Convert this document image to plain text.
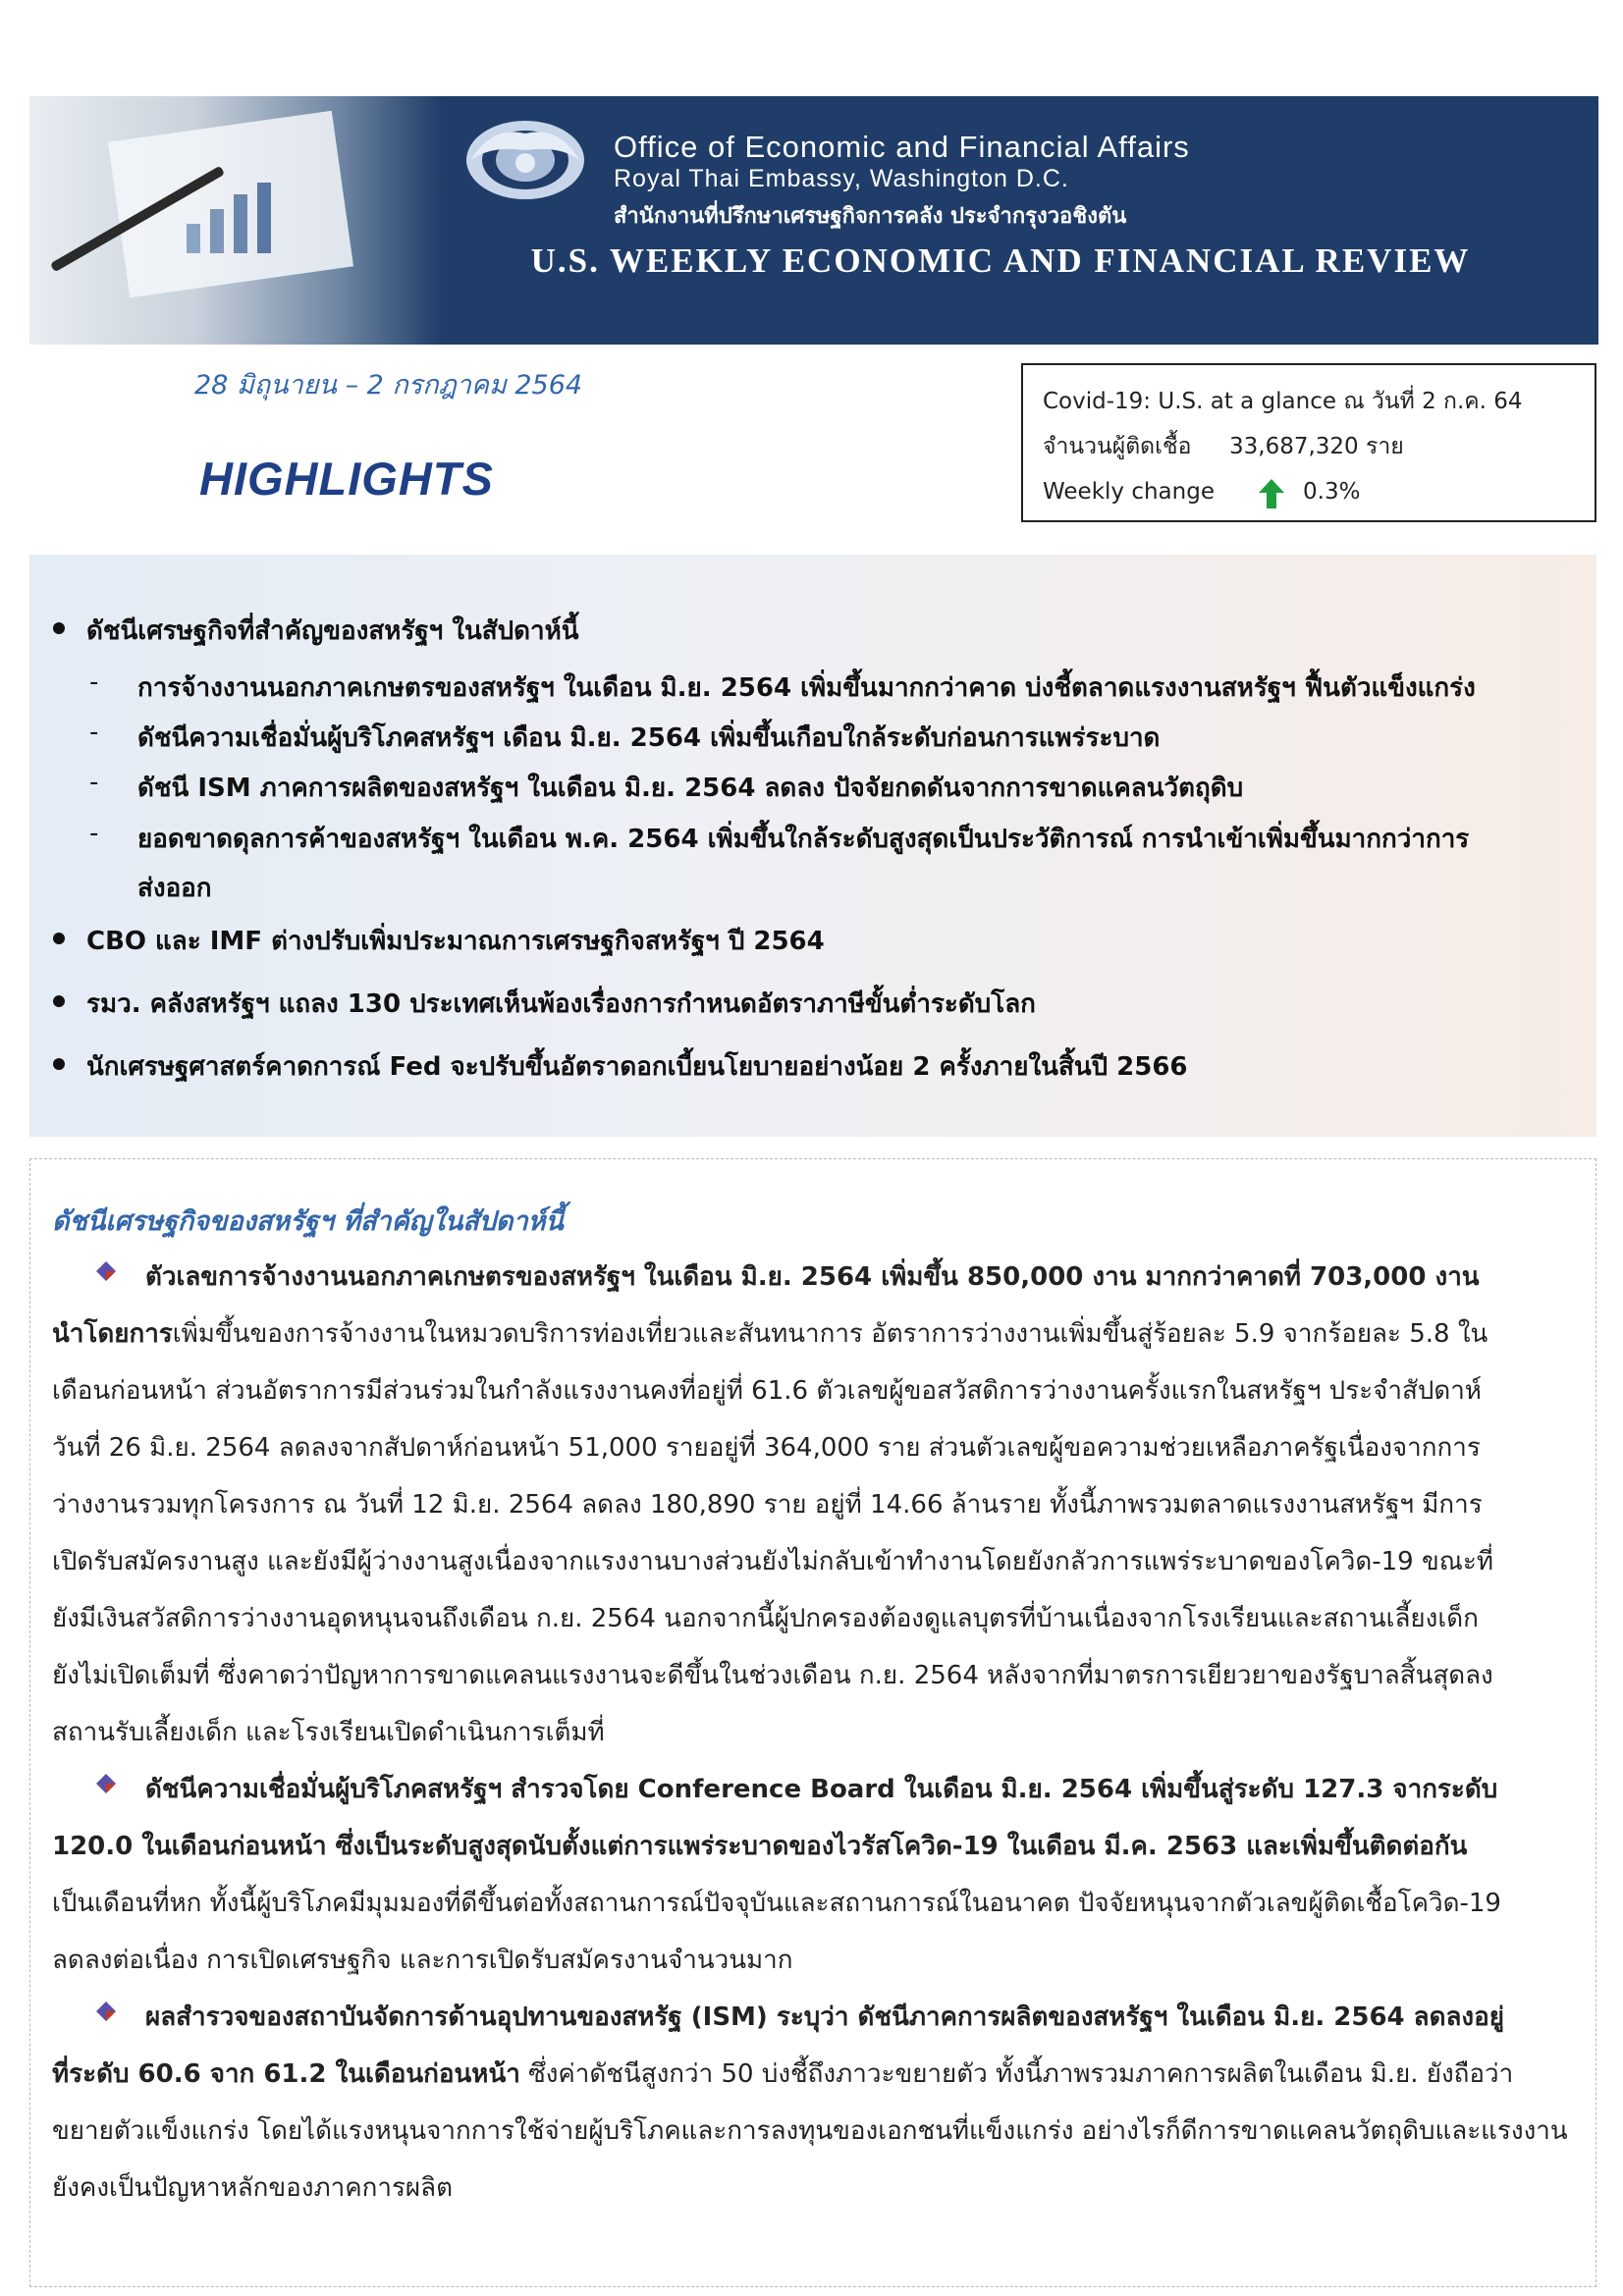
Office of Economic and Financial Affairs
Royal Thai Embassy, Washington D.C.
สำนักงานที่ปรึกษาเศรษฐกิจการคลัง ประจำกรุงวอชิงตัน
U.S. WEEKLY ECONOMIC AND FINANCIAL REVIEW
28 มิถุนายน – 2 กรกฎาคม 2564
HIGHLIGHTS
Covid-19: U.S. at a glance ณ วันที่ 2 ก.ค. 64
จำนวนผู้ติดเชื้อ 33,687,320 ราย
Weekly change	0.3%
ดัชนีเศรษฐกิจที่สำคัญของสหรัฐฯ ในสัปดาห์นี้
- การจ้างงานนอกภาคเกษตรของสหรัฐฯ ในเดือน มิ.ย. 2564 เพิ่มขึ้นมากกว่าคาด บ่งชี้ตลาดแรงงานสหรัฐฯ ฟื้นตัวแข็งแกร่ง
- ดัชนีความเชื่อมั่นผู้บริโภคสหรัฐฯ เดือน มิ.ย. 2564 เพิ่มขึ้นเกือบใกล้ระดับก่อนการแพร่ระบาด
- ดัชนี ISM ภาคการผลิตของสหรัฐฯ ในเดือน มิ.ย. 2564 ลดลง ปัจจัยกดดันจากการขาดแคลนวัตถุดิบ
- ยอดขาดดุลการค้าของสหรัฐฯ ในเดือน พ.ค. 2564 เพิ่มขึ้นใกล้ระดับสูงสุดเป็นประวัติการณ์ การนำเข้าเพิ่มขึ้นมากกว่าการ
ส่งออก
CBO และ IMF ต่างปรับเพิ่มประมาณการเศรษฐกิจสหรัฐฯ ปี 2564
รมว. คลังสหรัฐฯ แถลง 130 ประเทศเห็นพ้องเรื่องการกำหนดอัตราภาษีขั้นต่ำระดับโลก
นักเศรษฐศาสตร์คาดการณ์ Fed จะปรับขึ้นอัตราดอกเบี้ยนโยบายอย่างน้อย 2 ครั้งภายในสิ้นปี 2566
ดัชนีเศรษฐกิจของสหรัฐฯ ที่สำคัญในสัปดาห์นี้
ตัวเลขการจ้างงานนอกภาคเกษตรของสหรัฐฯ ในเดือน มิ.ย. 2564 เพิ่มขึ้น 850,000 งาน มากกว่าคาดที่ 703,000 งาน
นำโดยการเพิ่มขึ้นของการจ้างงานในหมวดบริการท่องเที่ยวและสันทนาการ อัตราการว่างงานเพิ่มขึ้นสู่ร้อยละ 5.9 จากร้อยละ 5.8 ใน
เดือนก่อนหน้า ส่วนอัตราการมีส่วนร่วมในกำลังแรงงานคงที่อยู่ที่ 61.6 ตัวเลขผู้ขอสวัสดิการว่างงานครั้งแรกในสหรัฐฯ ประจำสัปดาห์
วันที่ 26 มิ.ย. 2564 ลดลงจากสัปดาห์ก่อนหน้า 51,000 รายอยู่ที่ 364,000 ราย ส่วนตัวเลขผู้ขอความช่วยเหลือภาครัฐเนื่องจากการ
ว่างงานรวมทุกโครงการ ณ วันที่ 12 มิ.ย. 2564 ลดลง 180,890 ราย อยู่ที่ 14.66 ล้านราย ทั้งนี้ภาพรวมตลาดแรงงานสหรัฐฯ มีการ
เปิดรับสมัครงานสูง และยังมีผู้ว่างงานสูงเนื่องจากแรงงานบางส่วนยังไม่กลับเข้าทำงานโดยยังกลัวการแพร่ระบาดของโควิด-19 ขณะที่
ยังมีเงินสวัสดิการว่างงานอุดหนุนจนถึงเดือน ก.ย. 2564 นอกจากนี้ผู้ปกครองต้องดูแลบุตรที่บ้านเนื่องจากโรงเรียนและสถานเลี้ยงเด็ก
ยังไม่เปิดเต็มที่ ซึ่งคาดว่าปัญหาการขาดแคลนแรงงานจะดีขึ้นในช่วงเดือน ก.ย. 2564 หลังจากที่มาตรการเยียวยาของรัฐบาลสิ้นสุดลง
สถานรับเลี้ยงเด็ก และโรงเรียนเปิดดำเนินการเต็มที่
ดัชนีความเชื่อมั่นผู้บริโภคสหรัฐฯ สำรวจโดย Conference Board ในเดือน มิ.ย. 2564 เพิ่มขึ้นสู่ระดับ 127.3 จากระดับ
120.0 ในเดือนก่อนหน้า ซึ่งเป็นระดับสูงสุดนับตั้งแต่การแพร่ระบาดของไวรัสโควิด-19 ในเดือน มี.ค. 2563 และเพิ่มขึ้นติดต่อกัน
เป็นเดือนที่หก ทั้งนี้ผู้บริโภคมีมุมมองที่ดีขึ้นต่อทั้งสถานการณ์ปัจจุบันและสถานการณ์ในอนาคต ปัจจัยหนุนจากตัวเลขผู้ติดเชื้อโควิด-19
ลดลงต่อเนื่อง การเปิดเศรษฐกิจ และการเปิดรับสมัครงานจำนวนมาก
ผลสำรวจของสถาบันจัดการด้านอุปทานของสหรัฐ (ISM) ระบุว่า ดัชนีภาคการผลิตของสหรัฐฯ ในเดือน มิ.ย. 2564 ลดลงอยู่
ที่ระดับ 60.6 จาก 61.2 ในเดือนก่อนหน้า ซึ่งค่าดัชนีสูงกว่า 50 บ่งชี้ถึงภาวะขยายตัว ทั้งนี้ภาพรวมภาคการผลิตในเดือน มิ.ย. ยังถือว่า
ขยายตัวแข็งแกร่ง โดยได้แรงหนุนจากการใช้จ่ายผู้บริโภคและการลงทุนของเอกชนที่แข็งแกร่ง อย่างไรก็ดีการขาดแคลนวัตถุดิบและแรงงาน
ยังคงเป็นปัญหาหลักของภาคการผลิต
